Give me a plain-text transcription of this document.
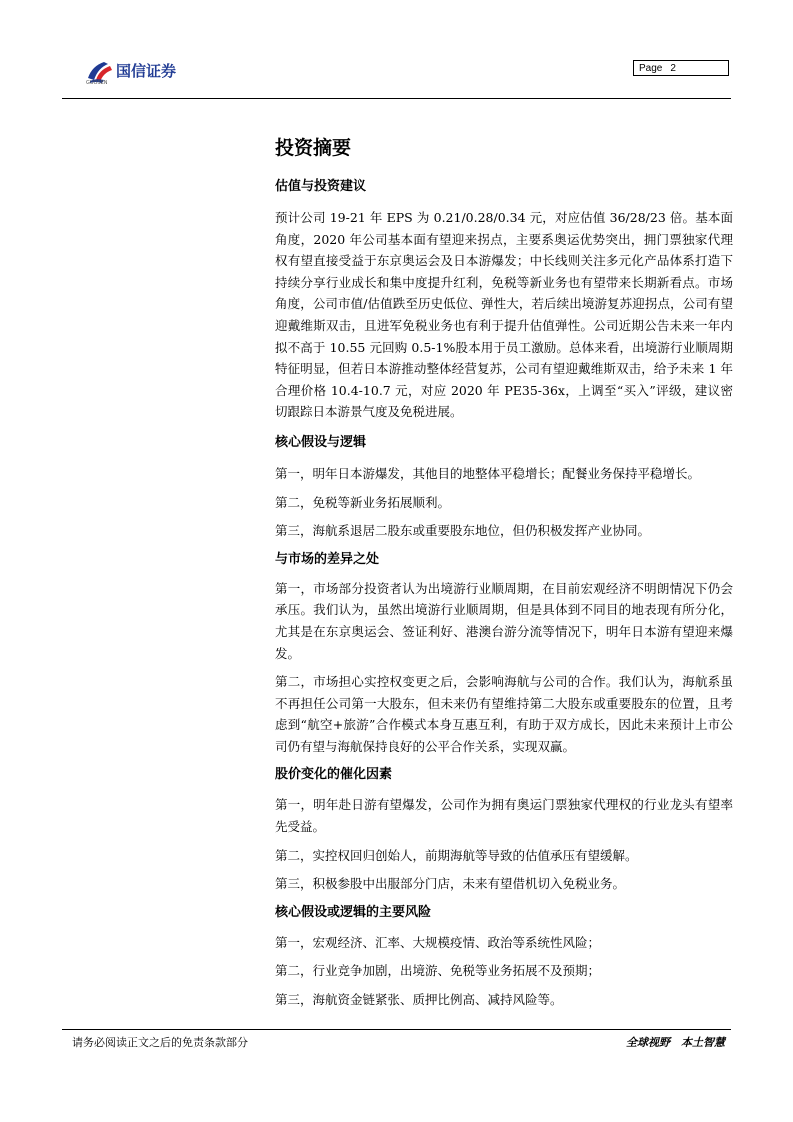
国信证券
GUOSEN
Page 2
投资摘要
估值与投资建议

预计公司 19-21 年 EPS 为 0.21/0.28/0.34 元，对应估值 36/28/23 倍。基本面角度，2020 年公司基本面有望迎来拐点，主要系奥运优势突出，拥门票独家代理权有望直接受益于东京奥运会及日本游爆发；中长线则关注多元化产品体系打造下持续分享行业成长和集中度提升红利，免税等新业务也有望带来长期新看点。市场角度，公司市值/估值跌至历史低位、弹性大，若后续出境游复苏迎拐点，公司有望迎戴维斯双击，且进军免税业务也有利于提升估值弹性。公司近期公告未来一年内拟不高于 10.55 元回购 0.5-1%股本用于员工激励。总体来看，出境游行业顺周期特征明显，但若日本游推动整体经营复苏，公司有望迎戴维斯双击，给予未来 1 年合理价格 10.4-10.7 元，对应 2020 年 PE35-36x，上调至“买入”评级，建议密切跟踪日本游景气度及免税进展。

核心假设与逻辑

第一，明年日本游爆发，其他目的地整体平稳增长；配餐业务保持平稳增长。

第二，免税等新业务拓展顺利。

第三，海航系退居二股东或重要股东地位，但仍积极发挥产业协同。

与市场的差异之处

第一，市场部分投资者认为出境游行业顺周期，在目前宏观经济不明朗情况下仍会承压。我们认为，虽然出境游行业顺周期，但是具体到不同目的地表现有所分化，尤其是在东京奥运会、签证利好、港澳台游分流等情况下，明年日本游有望迎来爆发。

第二，市场担心实控权变更之后，会影响海航与公司的合作。我们认为，海航系虽不再担任公司第一大股东，但未来仍有望维持第二大股东或重要股东的位置，且考虑到“航空+旅游”合作模式本身互惠互利，有助于双方成长，因此未来预计上市公司仍有望与海航保持良好的公平合作关系，实现双赢。

股价变化的催化因素

第一，明年赴日游有望爆发，公司作为拥有奥运门票独家代理权的行业龙头有望率先受益。

第二，实控权回归创始人，前期海航等导致的估值承压有望缓解。

第三，积极参股中出服部分门店，未来有望借机切入免税业务。

核心假设或逻辑的主要风险

第一，宏观经济、汇率、大规模疫情、政治等系统性风险；

第二，行业竞争加剧，出境游、免税等业务拓展不及预期；

第三，海航资金链紧张、质押比例高、减持风险等。

请务必阅读正文之后的免责条款部分	全球视野　本土智慧
